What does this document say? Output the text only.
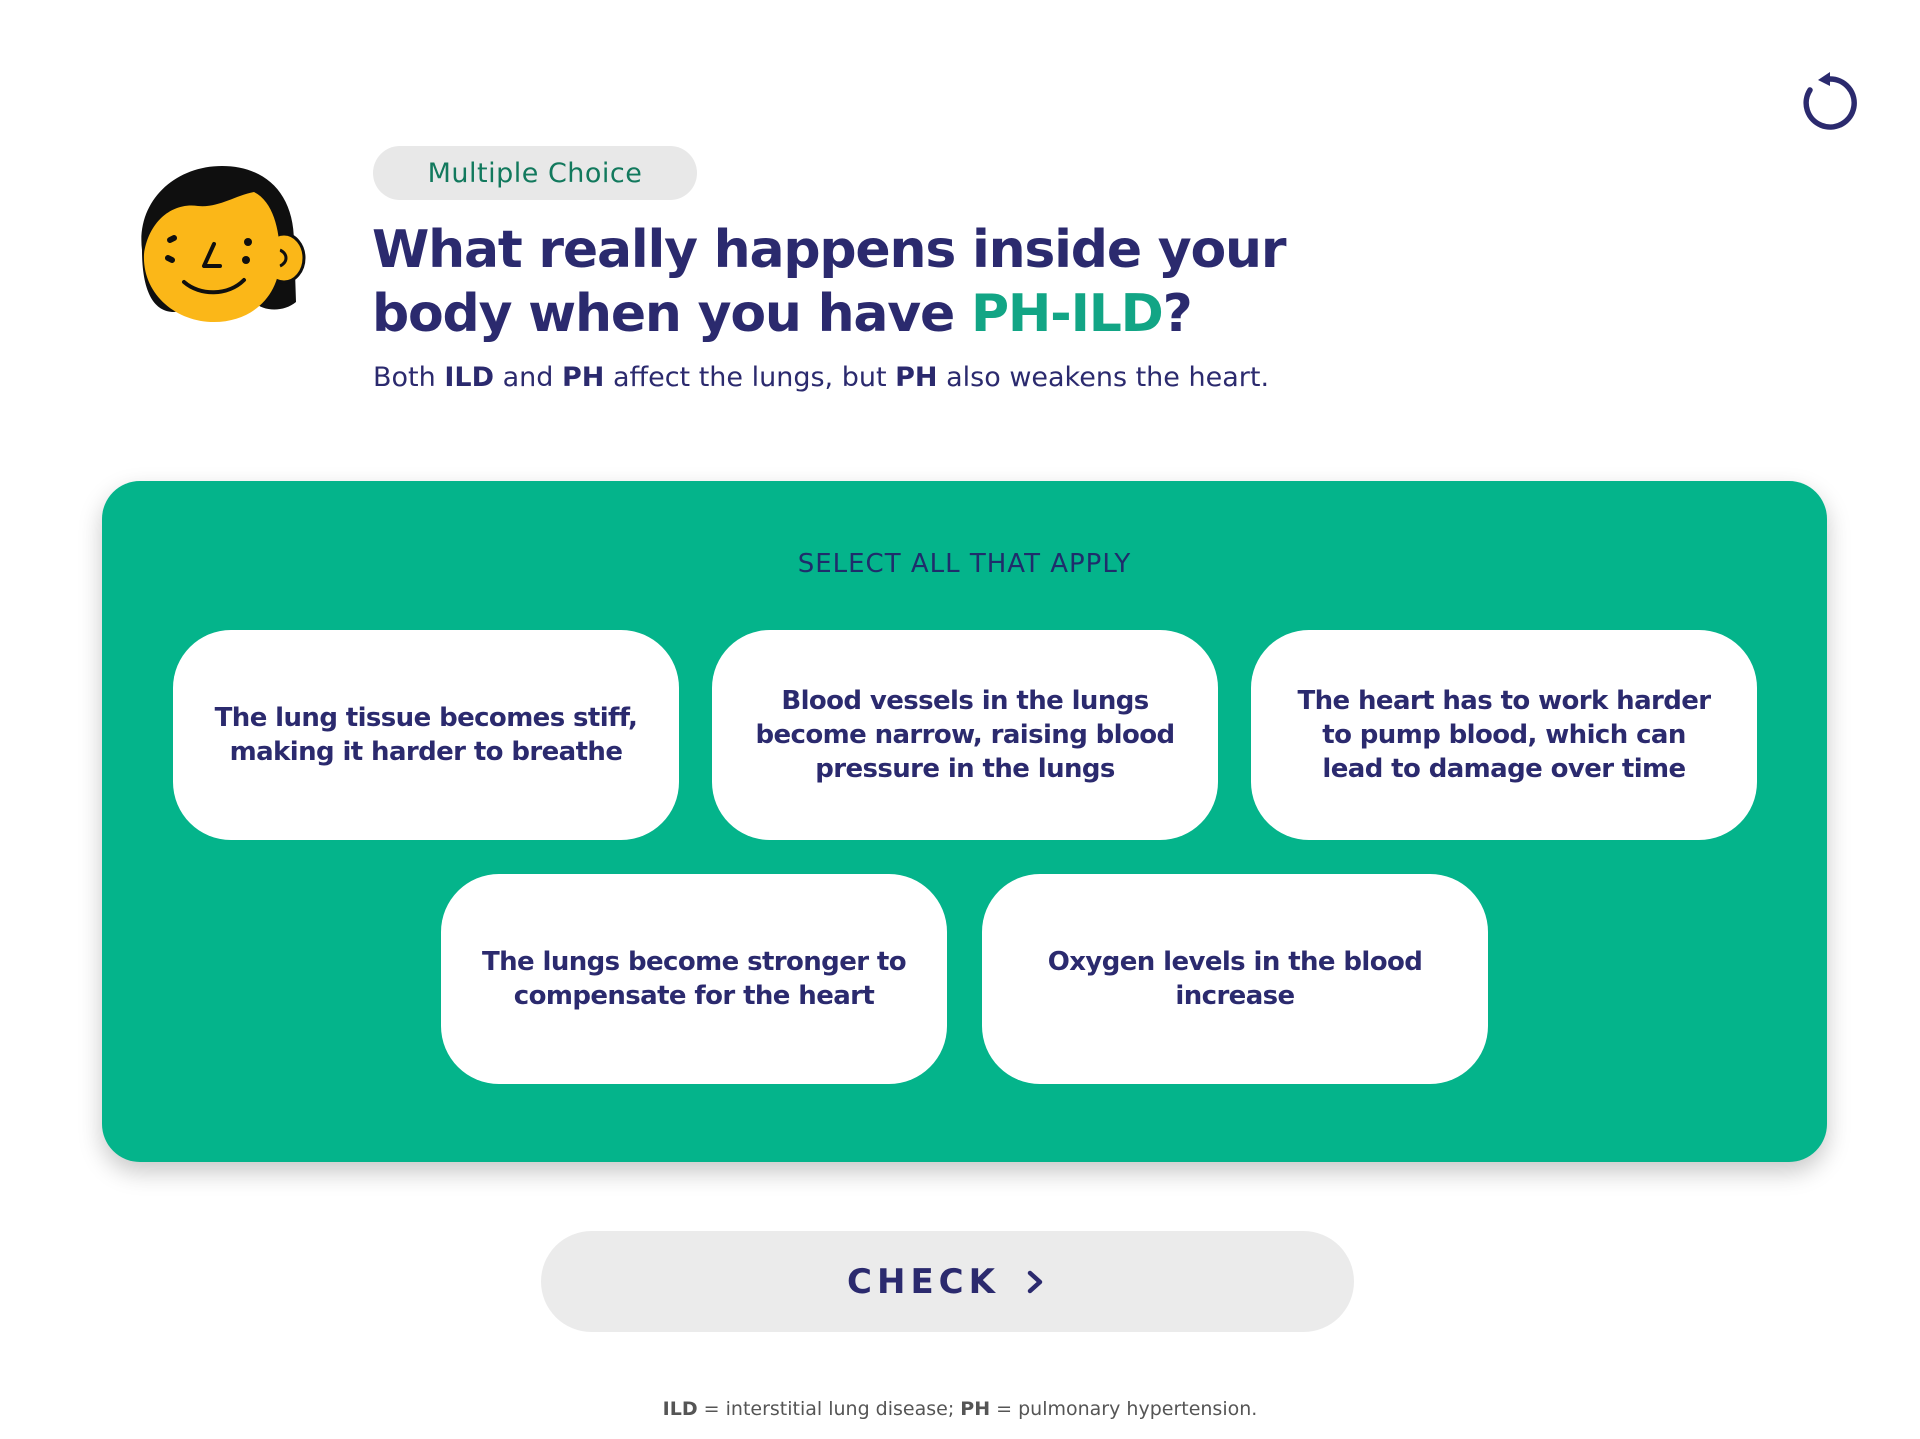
Multiple Choice
What really happens inside your body when you have PH-ILD?
Both ILD and PH affect the lungs, but PH also weakens the heart.
SELECT ALL THAT APPLY
The lung tissue becomes stiff, making it harder to breathe
Blood vessels in the lungs become narrow, raising blood pressure in the lungs
The heart has to work harder to pump blood, which can lead to damage over time
The lungs become stronger to compensate for the heart
Oxygen levels in the blood increase
CHECK
ILD = interstitial lung disease; PH = pulmonary hypertension.
